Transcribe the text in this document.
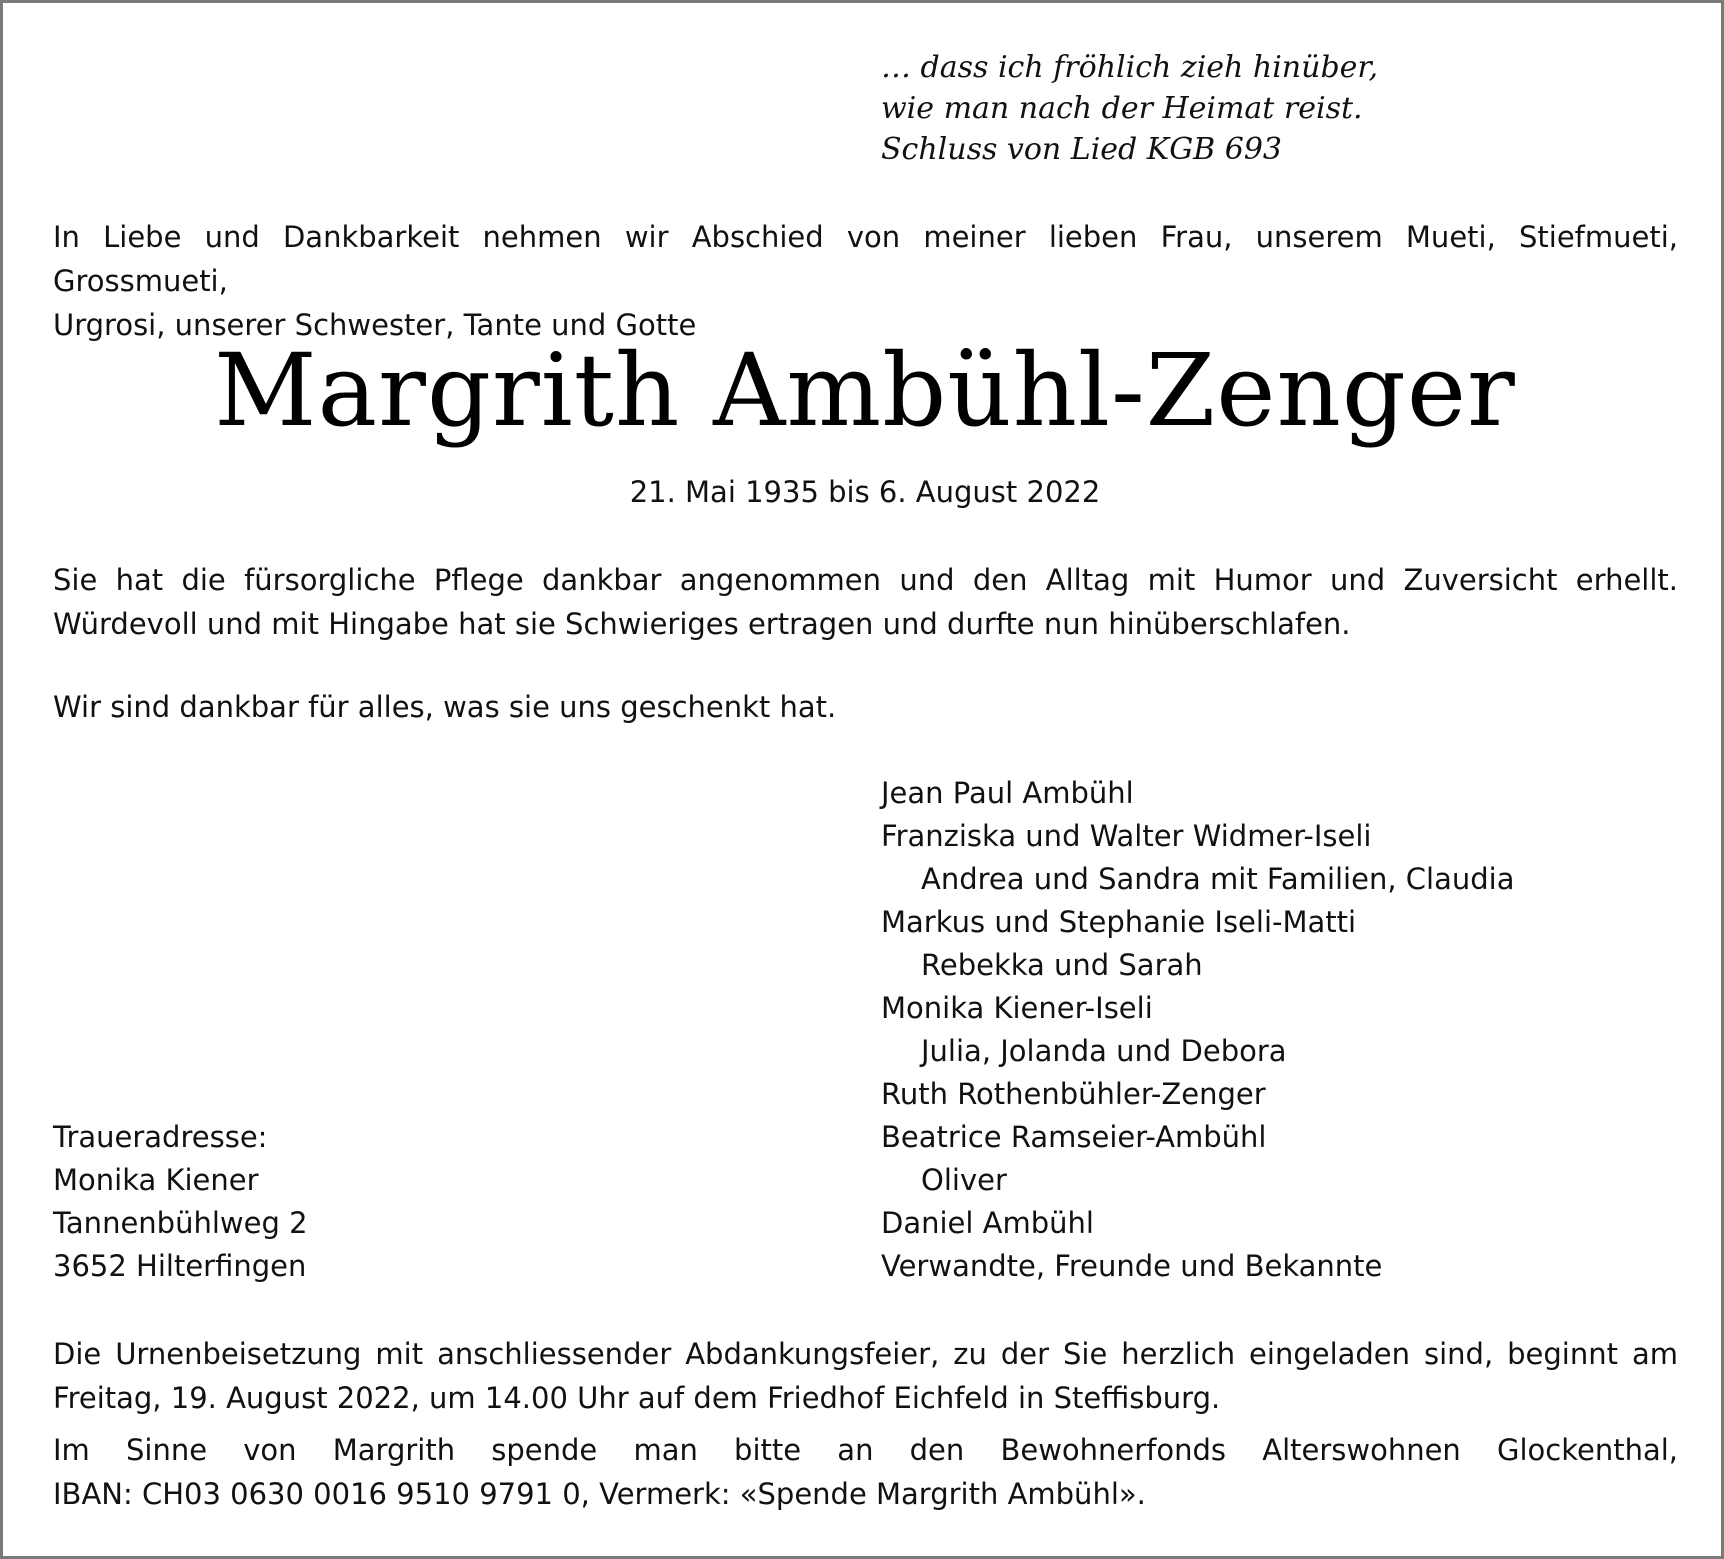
… dass ich fröhlich zieh hinüber,
wie man nach der Heimat reist.
Schluss von Lied KGB 693
In Liebe und Dankbarkeit nehmen wir Abschied von meiner lieben Frau, unserem Mueti, Stiefmueti, Grossmueti,
Urgrosi, unserer Schwester, Tante und Gotte
Margrith Ambühl-Zenger
21. Mai 1935 bis 6. August 2022
Sie hat die fürsorgliche Pflege dankbar angenommen und den Alltag mit Humor und Zuversicht erhellt.
Würdevoll und mit Hingabe hat sie Schwieriges ertragen und durfte nun hinüberschlafen.
Wir sind dankbar für alles, was sie uns geschenkt hat.
Jean Paul Ambühl
Franziska und Walter Widmer-Iseli
Andrea und Sandra mit Familien, Claudia
Markus und Stephanie Iseli-Matti
Rebekka und Sarah
Monika Kiener-Iseli
Julia, Jolanda und Debora
Ruth Rothenbühler-Zenger
Beatrice Ramseier-Ambühl
Oliver
Daniel Ambühl
Verwandte, Freunde und Bekannte
Traueradresse:
Monika Kiener
Tannenbühlweg 2
3652 Hilterfingen
Die Urnenbeisetzung mit anschliessender Abdankungsfeier, zu der Sie herzlich eingeladen sind, beginnt am
Freitag, 19. August 2022, um 14.00 Uhr auf dem Friedhof Eichfeld in Steffisburg.
Im Sinne von Margrith spende man bitte an den Bewohnerfonds Alterswohnen Glockenthal,
IBAN: CH03 0630 0016 9510 9791 0, Vermerk: «Spende Margrith Ambühl».
